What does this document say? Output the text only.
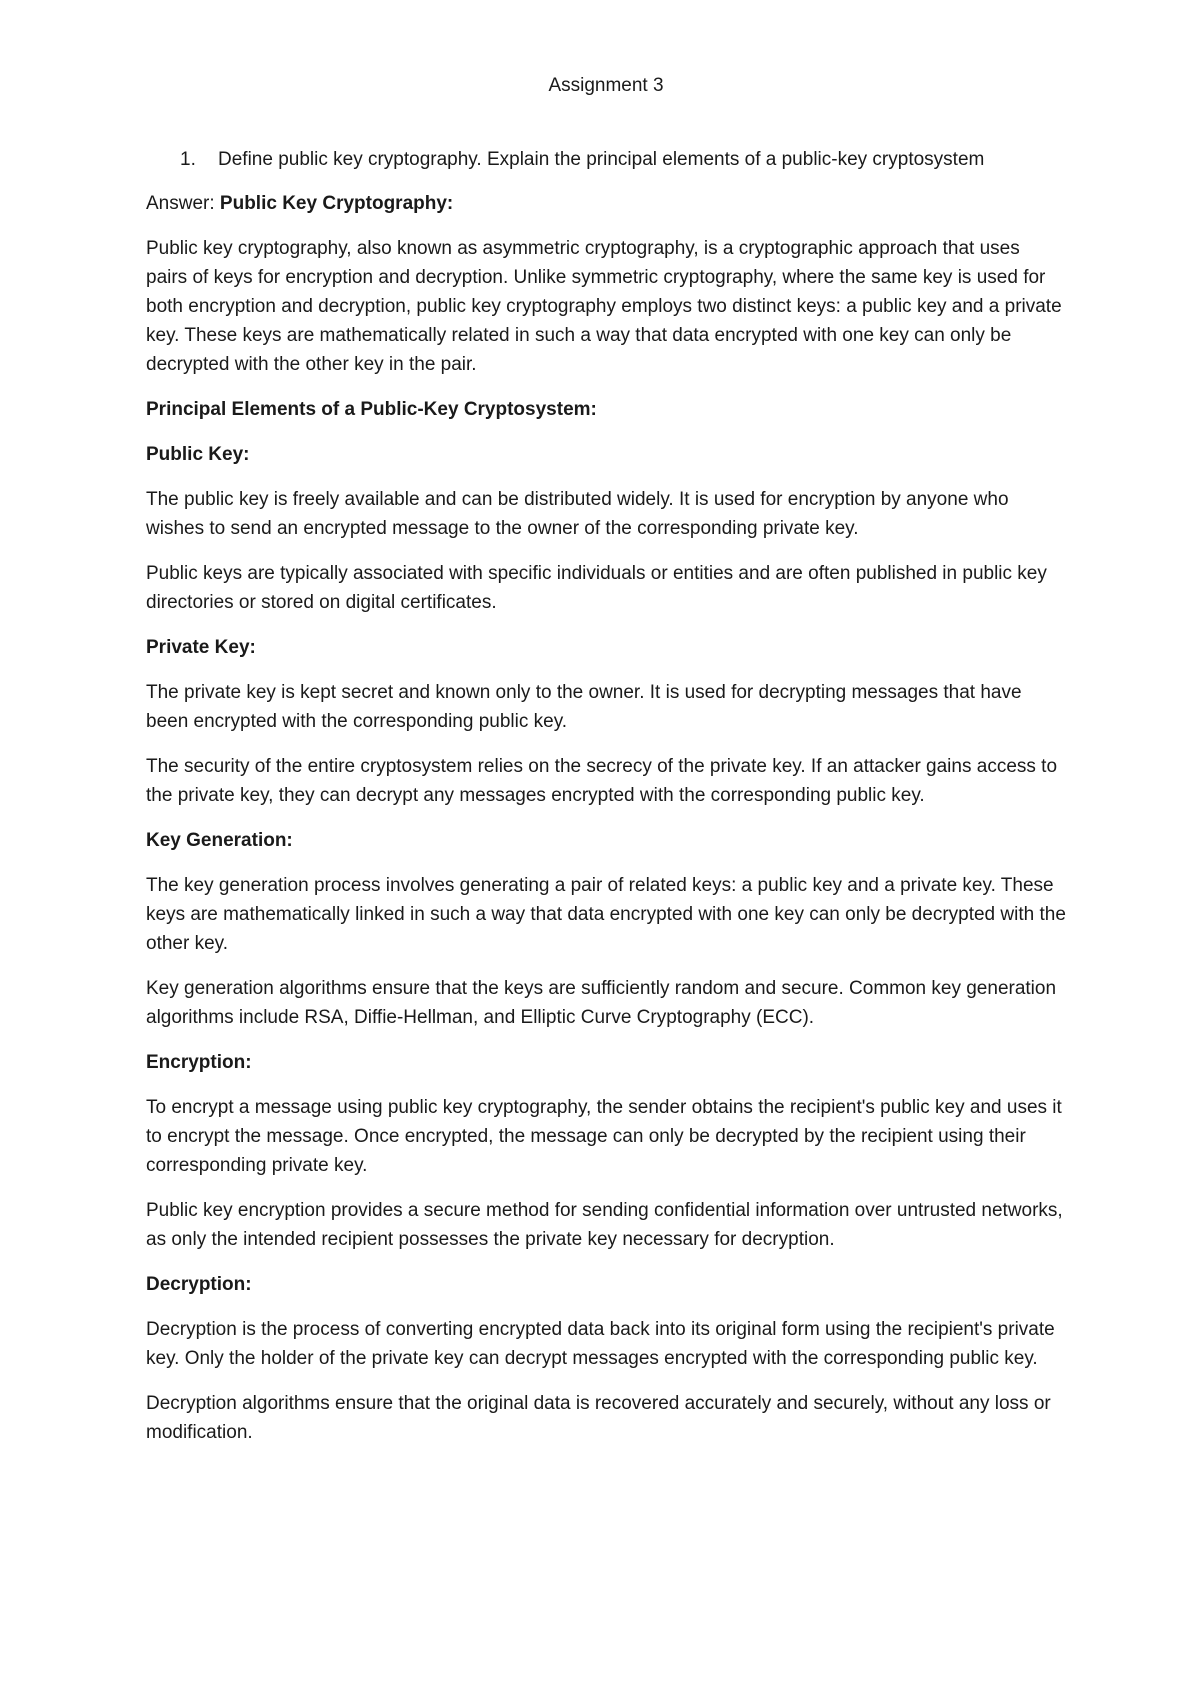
Assignment 3

1. Define public key cryptography. Explain the principal elements of a public-key cryptosystem

Answer: Public Key Cryptography:

Public key cryptography, also known as asymmetric cryptography, is a cryptographic approach that uses pairs of keys for encryption and decryption. Unlike symmetric cryptography, where the same key is used for both encryption and decryption, public key cryptography employs two distinct keys: a public key and a private key. These keys are mathematically related in such a way that data encrypted with one key can only be decrypted with the other key in the pair.

Principal Elements of a Public-Key Cryptosystem:

Public Key:

The public key is freely available and can be distributed widely. It is used for encryption by anyone who wishes to send an encrypted message to the owner of the corresponding private key.

Public keys are typically associated with specific individuals or entities and are often published in public key directories or stored on digital certificates.

Private Key:

The private key is kept secret and known only to the owner. It is used for decrypting messages that have been encrypted with the corresponding public key.

The security of the entire cryptosystem relies on the secrecy of the private key. If an attacker gains access to the private key, they can decrypt any messages encrypted with the corresponding public key.

Key Generation:

The key generation process involves generating a pair of related keys: a public key and a private key. These keys are mathematically linked in such a way that data encrypted with one key can only be decrypted with the other key.

Key generation algorithms ensure that the keys are sufficiently random and secure. Common key generation algorithms include RSA, Diffie-Hellman, and Elliptic Curve Cryptography (ECC).

Encryption:

To encrypt a message using public key cryptography, the sender obtains the recipient's public key and uses it to encrypt the message. Once encrypted, the message can only be decrypted by the recipient using their corresponding private key.

Public key encryption provides a secure method for sending confidential information over untrusted networks, as only the intended recipient possesses the private key necessary for decryption.

Decryption:

Decryption is the process of converting encrypted data back into its original form using the recipient's private key. Only the holder of the private key can decrypt messages encrypted with the corresponding public key.

Decryption algorithms ensure that the original data is recovered accurately and securely, without any loss or modification.
